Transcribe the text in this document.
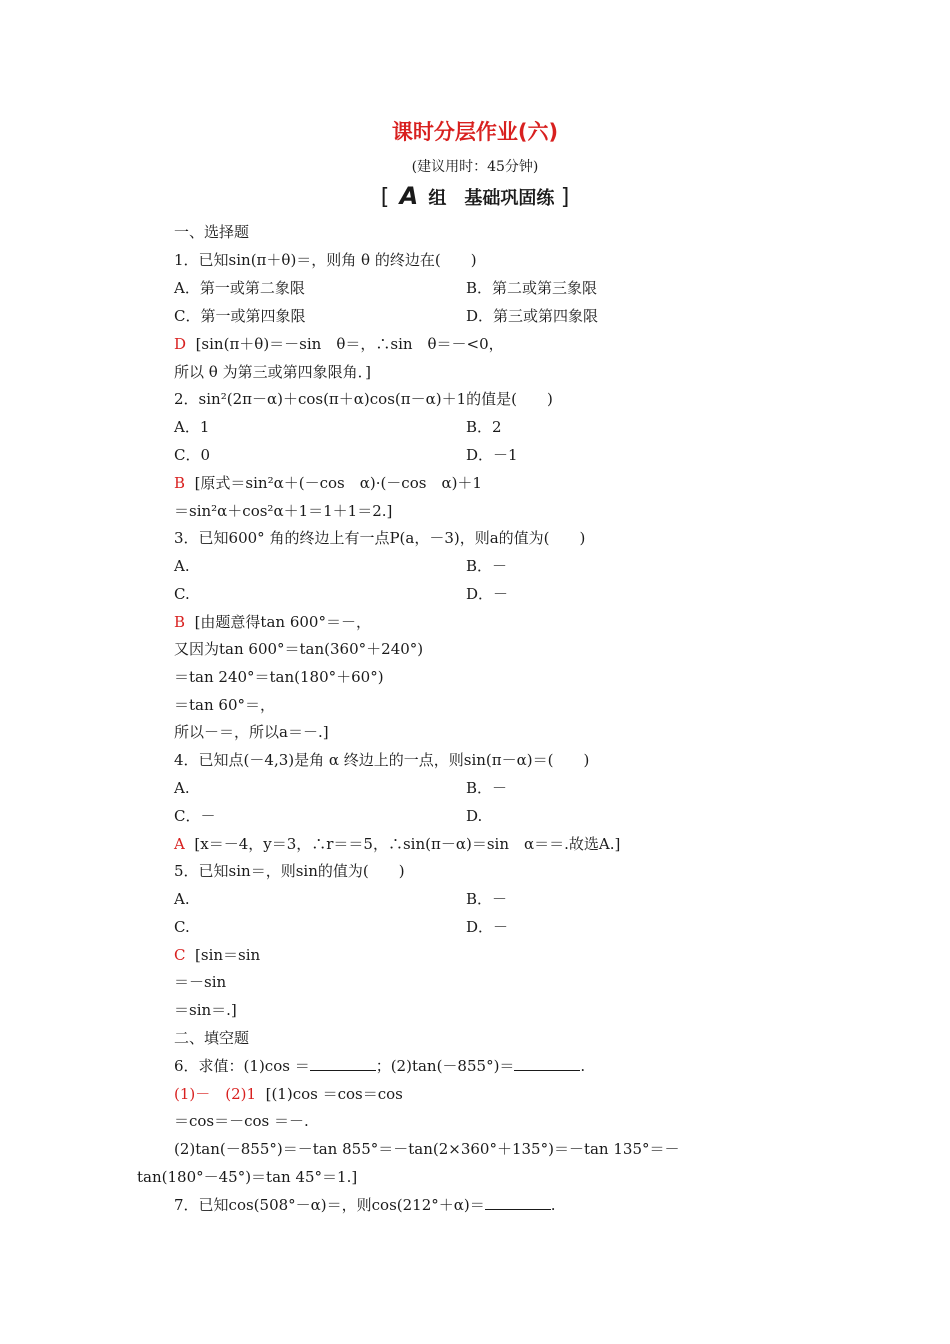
课时分层作业(六)
(建议用时：45分钟)
[ A 组　基础巩固练 ]
一、选择题
1．已知sin(π＋θ)＝，则角 θ 的终边在(　　)
A．第一或第二象限	B．第二或第三象限
C．第一或第四象限	D．第三或第四象限
D [sin(π＋θ)＝－sin　θ＝，∴sin　θ＝－<0，
所以 θ 为第三或第四象限角．]
2．sin²(2π－α)＋cos(π＋α)cos(π－α)＋1的值是(　　)
A．1	B．2
C．0	D．－1
B [原式＝sin²α＋(－cos　α)·(－cos　α)＋1
＝sin²α＋cos²α＋1＝1＋1＝2.]
3．已知600° 角的终边上有一点P(a，－3)，则a的值为(　　)
A.	B．－
C.	D．－
B [由题意得tan 600°＝－，
又因为tan 600°＝tan(360°＋240°)
＝tan 240°＝tan(180°＋60°)
＝tan 60°＝，
所以－＝，所以a＝－.]
4．已知点(－4,3)是角 α 终边上的一点，则sin(π－α)＝(　　)
A.	B．－
C．－	D.
A [x＝－4，y＝3，∴r＝＝5，∴sin(π－α)＝sin　α＝＝.故选A.]
5．已知sin＝，则sin的值为(　　)
A.	B．－
C.	D．－
C [sin＝sin
＝－sin
＝sin＝.]
二、填空题
6．求值：(1)cos ＝	；(2)tan(－855°)＝	.
(1)－　(2)1 [(1)cos ＝cos＝cos
＝cos＝－cos ＝－.
(2)tan(－855°)＝－tan 855°＝－tan(2×360°＋135°)＝－tan 135°＝－
tan(180°－45°)＝tan 45°＝1.]
7．已知cos(508°－α)＝，则cos(212°＋α)＝	.
